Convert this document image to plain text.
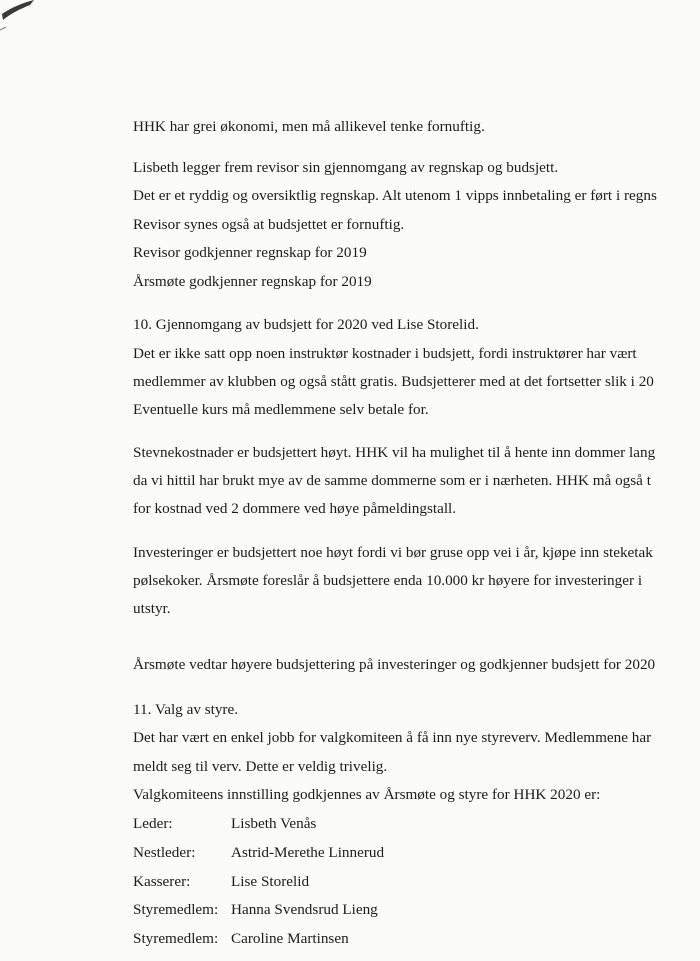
HHK har grei økonomi, men må allikevel tenke fornuftig.
Lisbeth legger frem revisor sin gjennomgang av regnskap og budsjett.
Det er et ryddig og oversiktlig regnskap. Alt utenom 1 vipps innbetaling er ført i regns
Revisor synes også at budsjettet er fornuftig.
Revisor godkjenner regnskap for 2019
Årsmøte godkjenner regnskap for 2019
10. Gjennomgang av budsjett for 2020 ved Lise Storelid.
Det er ikke satt opp noen instruktør kostnader i budsjett, fordi instruktører har vært
medlemmer av klubben og også stått gratis. Budsjetterer med at det fortsetter slik i 20
Eventuelle kurs må medlemmene selv betale for.
Stevnekostnader er budsjettert høyt. HHK vil ha mulighet til å hente inn dommer lang
da vi hittil har brukt mye av de samme dommerne som er i nærheten. HHK må også t
for kostnad ved 2 dommere ved høye påmeldingstall.
Investeringer er budsjettert noe høyt fordi vi bør gruse opp vei i år, kjøpe inn steketak
pølsekoker. Årsmøte foreslår å budsjettere enda 10.000 kr høyere for investeringer i
utstyr.
Årsmøte vedtar høyere budsjettering på investeringer og godkjenner budsjett for 2020
11. Valg av styre.
Det har vært en enkel jobb for valgkomiteen å få inn nye styreverv. Medlemmene har
meldt seg til verv. Dette er veldig trivelig.
Valgkomiteens innstilling godkjennes av Årsmøte og styre for HHK 2020 er:
Leder:	Lisbeth Venås
Nestleder: Astrid-Merethe Linnerud
Kasserer:	Lise Storelid
Styremedlem: Hanna Svendsrud Lieng
Styremedlem: Caroline Martinsen
